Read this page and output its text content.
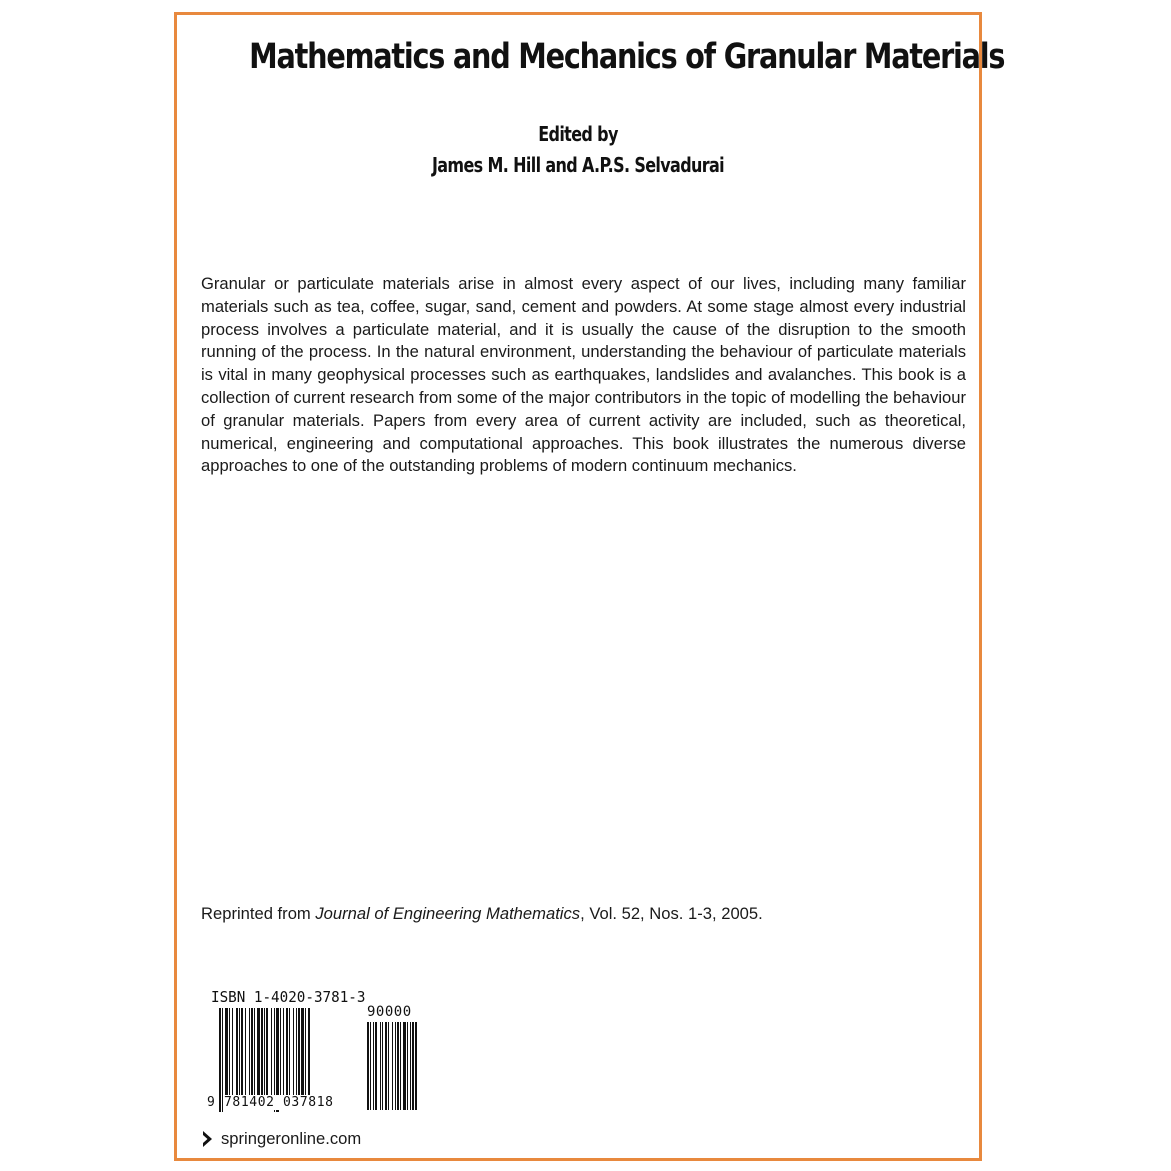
Mathematics and Mechanics of Granular Materials
Edited by
James M. Hill and A.P.S. Selvadurai

Granular or particulate materials arise in almost every aspect of our lives, including many familiar materials such as tea, coffee, sugar, sand, cement and powders. At some stage almost every industrial process involves a particulate material, and it is usually the cause of the disruption to the smooth running of the process. In the natural environment, understanding the behaviour of particulate materials is vital in many geophysical processes such as earthquakes, landslides and avalanches. This book is a collection of current research from some of the major contributors in the topic of modelling the behaviour of granular materials. Papers from every area of current activity are included, such as theoretical, numerical, engineering and computational approaches. This book illustrates the numerous diverse approaches to one of the outstanding problems of modern continuum mechanics.

Reprinted from Journal of Engineering Mathematics, Vol. 52, Nos. 1-3, 2005.
ISBN 1-4020-3781-3
90000
9 781402 037818
springeronline.com
